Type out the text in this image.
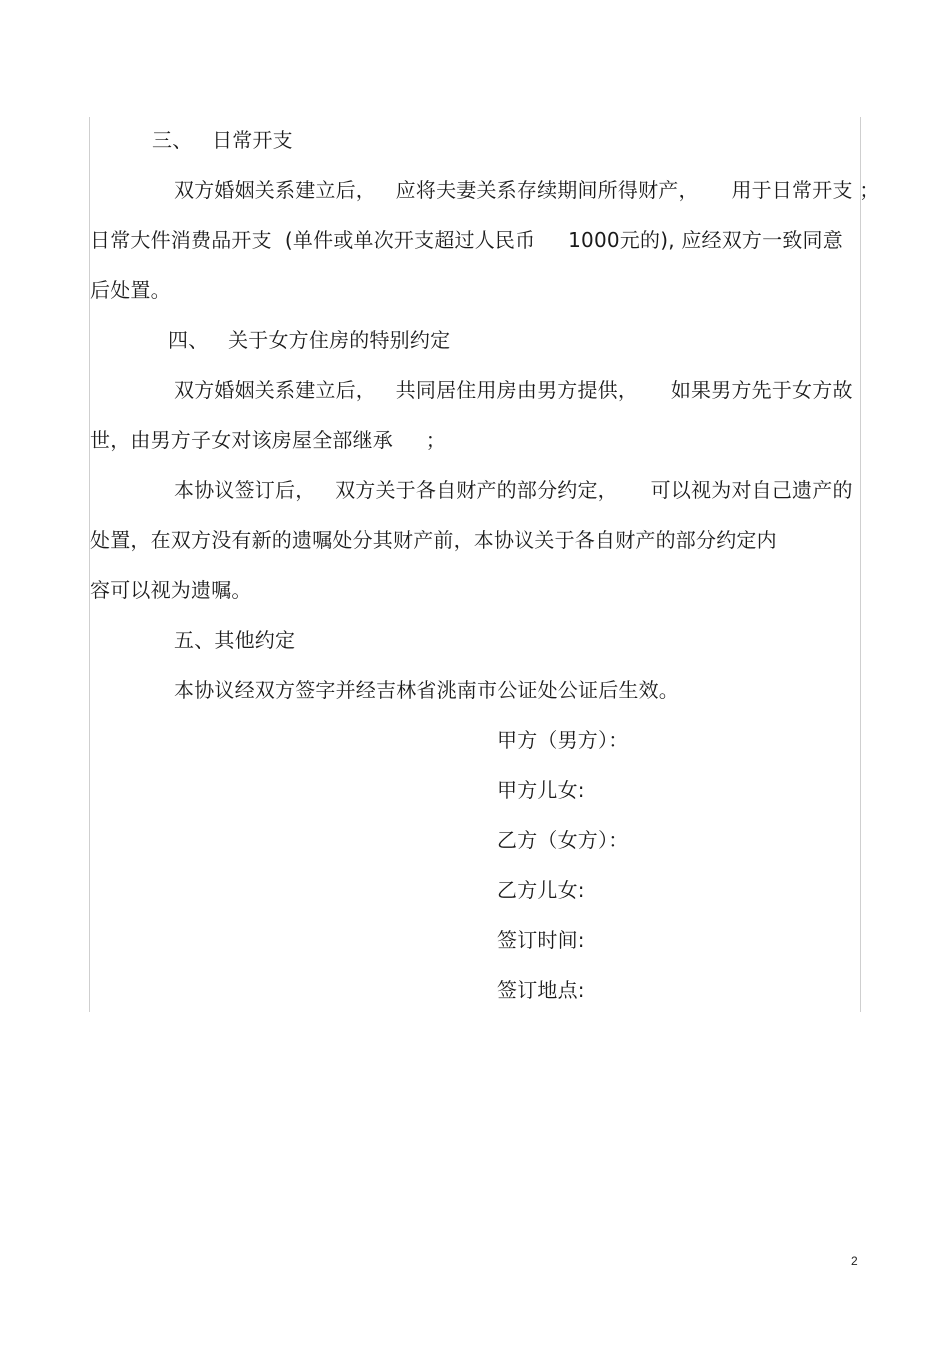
三、   日常开支
双方婚姻关系建立后，   应将夫妻关系存续期间所得财产，     用于日常开支 ；
日常大件消费品开支  (单件或单次开支超过人民币     1000元的), 应经双方一致同意
后处置。
四、   关于女方住房的特别约定
双方婚姻关系建立后，   共同居住用房由男方提供，     如果男方先于女方故
世，由男方子女对该房屋全部继承     ；
本协议签订后，   双方关于各自财产的部分约定，     可以视为对自己遗产的
处置，在双方没有新的遗嘱处分其财产前，本协议关于各自财产的部分约定内
容可以视为遗嘱。
五、其他约定
本协议经双方签字并经吉林省洮南市公证处公证后生效。
甲方（男方）：
甲方儿女:
乙方（女方）：
乙方儿女:
签订时间:
签订地点:
2
